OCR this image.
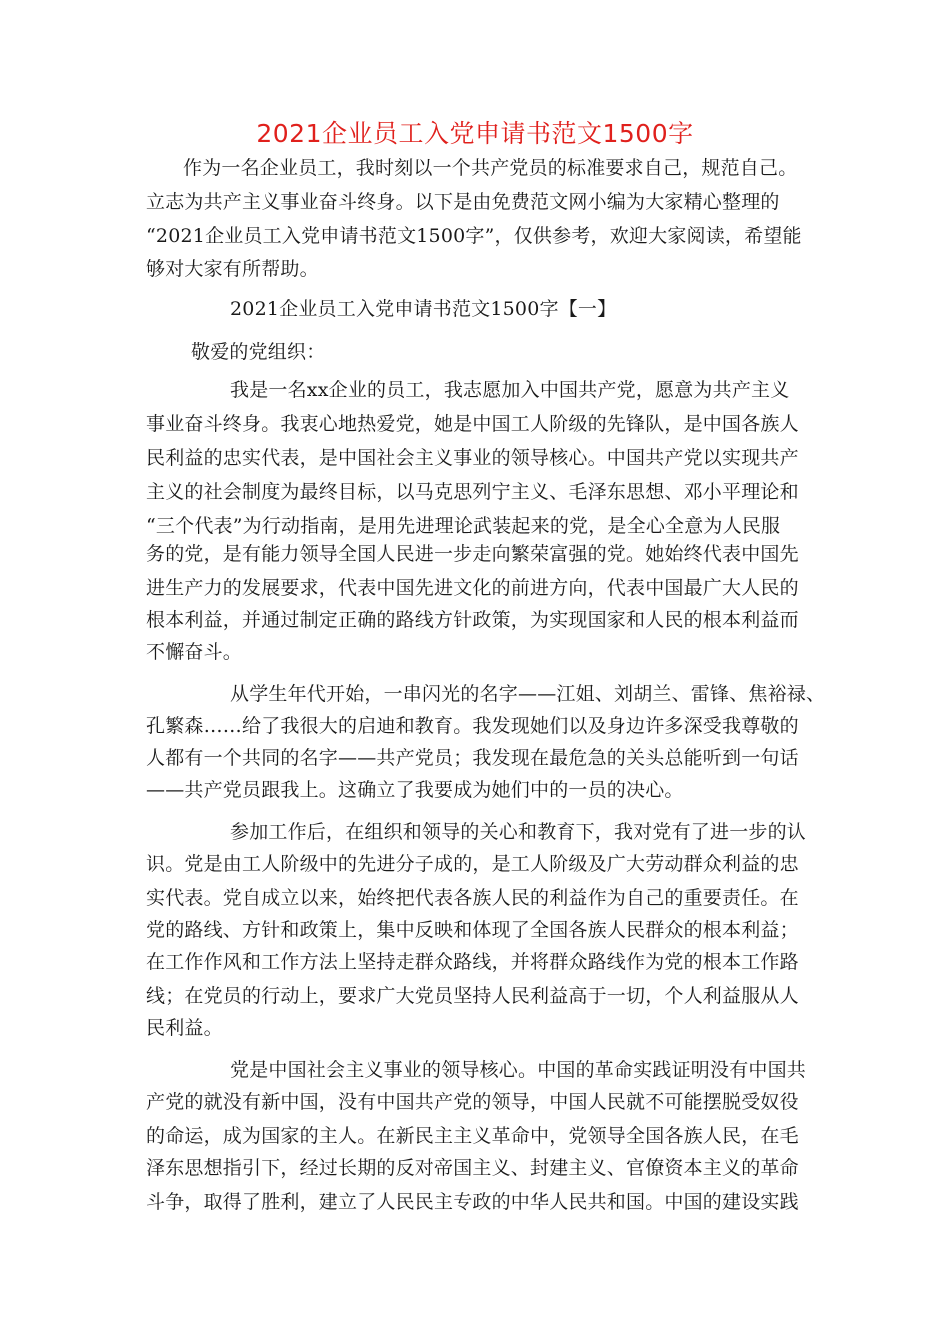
2021企业员工入党申请书范文1500字
作为一名企业员工，我时刻以一个共产党员的标准要求自己，规范自己。
立志为共产主义事业奋斗终身。以下是由免费范文网小编为大家精心整理的
“2021企业员工入党申请书范文1500字”，仅供参考，欢迎大家阅读，希望能
够对大家有所帮助。
2021企业员工入党申请书范文1500字【一】
敬爱的党组织：
我是一名xx企业的员工，我志愿加入中国共产党，愿意为共产主义
事业奋斗终身。我衷心地热爱党，她是中国工人阶级的先锋队，是中国各族人
民利益的忠实代表，是中国社会主义事业的领导核心。中国共产党以实现共产
主义的社会制度为最终目标，以马克思列宁主义、毛泽东思想、邓小平理论和
“三个代表”为行动指南，是用先进理论武装起来的党，是全心全意为人民服
务的党，是有能力领导全国人民进一步走向繁荣富强的党。她始终代表中国先
进生产力的发展要求，代表中国先进文化的前进方向，代表中国最广大人民的
根本利益，并通过制定正确的路线方针政策，为实现国家和人民的根本利益而
不懈奋斗。
从学生年代开始，一串闪光的名字——江姐、刘胡兰、雷锋、焦裕禄、
孔繁森……给了我很大的启迪和教育。我发现她们以及身边许多深受我尊敬的
人都有一个共同的名字——共产党员；我发现在最危急的关头总能听到一句话
——共产党员跟我上。这确立了我要成为她们中的一员的决心。
参加工作后，在组织和领导的关心和教育下，我对党有了进一步的认
识。党是由工人阶级中的先进分子成的，是工人阶级及广大劳动群众利益的忠
实代表。党自成立以来，始终把代表各族人民的利益作为自己的重要责任。在
党的路线、方针和政策上，集中反映和体现了全国各族人民群众的根本利益；
在工作作风和工作方法上坚持走群众路线，并将群众路线作为党的根本工作路
线；在党员的行动上，要求广大党员坚持人民利益高于一切，个人利益服从人
民利益。
党是中国社会主义事业的领导核心。中国的革命实践证明没有中国共
产党的就没有新中国，没有中国共产党的领导，中国人民就不可能摆脱受奴役
的命运，成为国家的主人。在新民主主义革命中，党领导全国各族人民，在毛
泽东思想指引下，经过长期的反对帝国主义、封建主义、官僚资本主义的革命
斗争，取得了胜利，建立了人民民主专政的中华人民共和国。中国的建设实践
